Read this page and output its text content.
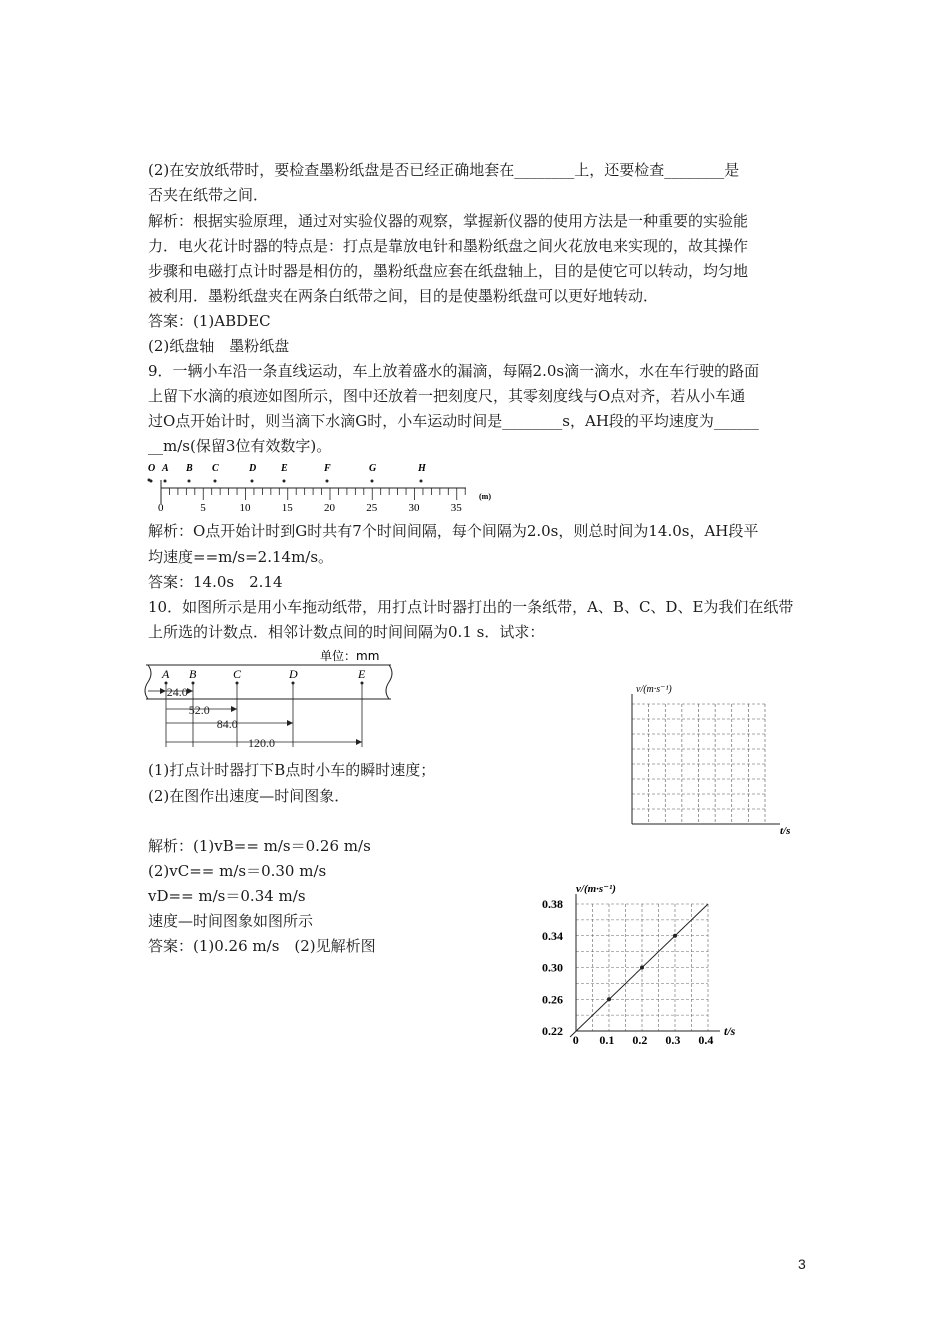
(2)在安放纸带时，要检查墨粉纸盘是否已经正确地套在________上，还要检查________是
否夹在纸带之间．
解析：根据实验原理，通过对实验仪器的观察，掌握新仪器的使用方法是一种重要的实验能
力．电火花计时器的特点是：打点是靠放电针和墨粉纸盘之间火花放电来实现的，故其操作
步骤和电磁打点计时器是相仿的，墨粉纸盘应套在纸盘轴上，目的是使它可以转动，均匀地
被利用．墨粉纸盘夹在两条白纸带之间，目的是使墨粉纸盘可以更好地转动．
答案：(1)ABDEC
(2)纸盘轴　墨粉纸盘
9．一辆小车沿一条直线运动，车上放着盛水的漏滴，每隔2.0s滴一滴水，水在车行驶的路面
上留下水滴的痕迹如图所示，图中还放着一把刻度尺，其零刻度线与O点对齐，若从小车通
过O点开始计时，则当滴下水滴G时，小车运动时间是________s，AH段的平均速度为______
__m/s(保留3位有效数字)。
O A B C	D E	F	G	H
0	5	10	15	20	25	30	35
(m)
解析：O点开始计时到G时共有7个时间间隔，每个间隔为2.0s，则总时间为14.0s，AH段平
均速度==m/s=2.14m/s。
答案：14.0s　2.14
10．如图所示是用小车拖动纸带，用打点计时器打出的一条纸带，A、B、C、D、E为我们在纸带
上所选的计数点．相邻计数点间的时间间隔为0.1 s．试求：
单位：mm
A B	C	D	E
24.0
52.0
84.0
120.0
v/(m·s⁻¹)
t/s
(1)打点计时器打下B点时小车的瞬时速度；
(2)在图作出速度—时间图象．
解析：(1)vB== m/s＝0.26 m/s
(2)vC== m/s＝0.30 m/s
vD== m/s＝0.34 m/s
速度—时间图象如图所示
答案：(1)0.26 m/s　(2)见解析图
v/(m·s⁻¹)
t/s
0 0.1 0.2 0.3 0.4
0.22
0.26
0.30
0.34
0.38
3
